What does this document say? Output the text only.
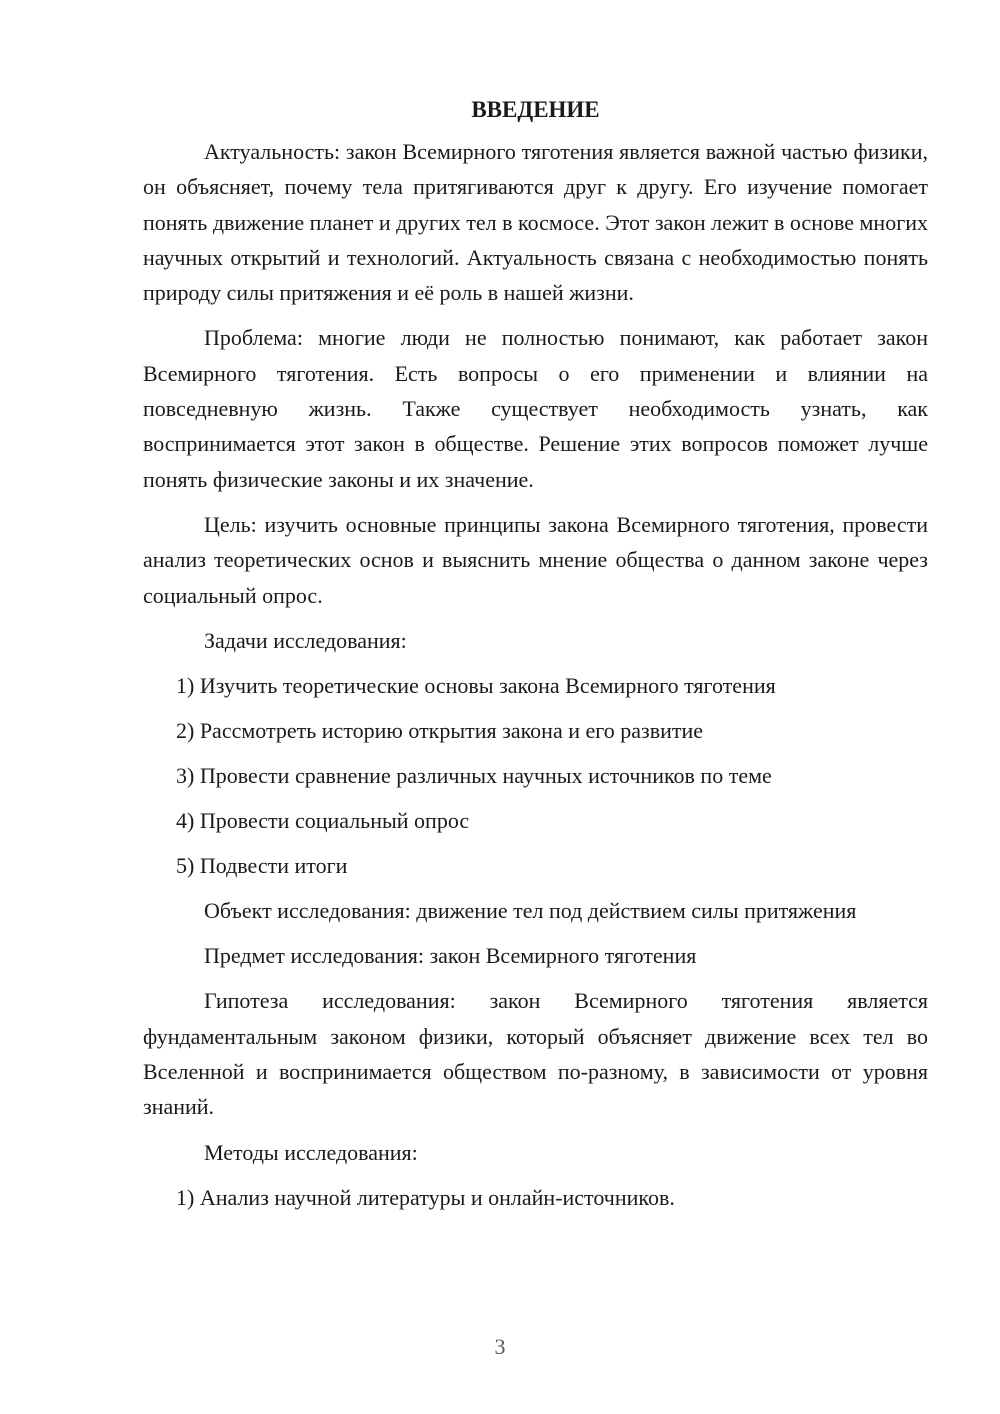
ВВЕДЕНИЕ

Актуальность: закон Всемирного тяготения является важной частью физики, он объясняет, почему тела притягиваются друг к другу. Его изучение помогает понять движение планет и других тел в космосе. Этот закон лежит в основе многих научных открытий и технологий. Актуальность связана с необходимостью понять природу силы притяжения и её роль в нашей жизни.

Проблема: многие люди не полностью понимают, как работает закон Всемирного тяготения. Есть вопросы о его применении и влиянии на повседневную жизнь. Также существует необходимость узнать, как воспринимается этот закон в обществе. Решение этих вопросов поможет лучше понять физические законы и их значение.

Цель: изучить основные принципы закона Всемирного тяготения, провести анализ теоретических основ и выяснить мнение общества о данном законе через социальный опрос.

Задачи исследования:

1) Изучить теоретические основы закона Всемирного тяготения
2) Рассмотреть историю открытия закона и его развитие
3) Провести сравнение различных научных источников по теме
4) Провести социальный опрос
5) Подвести итоги

Объект исследования: движение тел под действием силы притяжения

Предмет исследования: закон Всемирного тяготения

Гипотеза исследования: закон Всемирного тяготения является фундаментальным законом физики, который объясняет движение всех тел во Вселенной и воспринимается обществом по-разному, в зависимости от уровня знаний.

Методы исследования:

1) Анализ научной литературы и онлайн-источников.
3
